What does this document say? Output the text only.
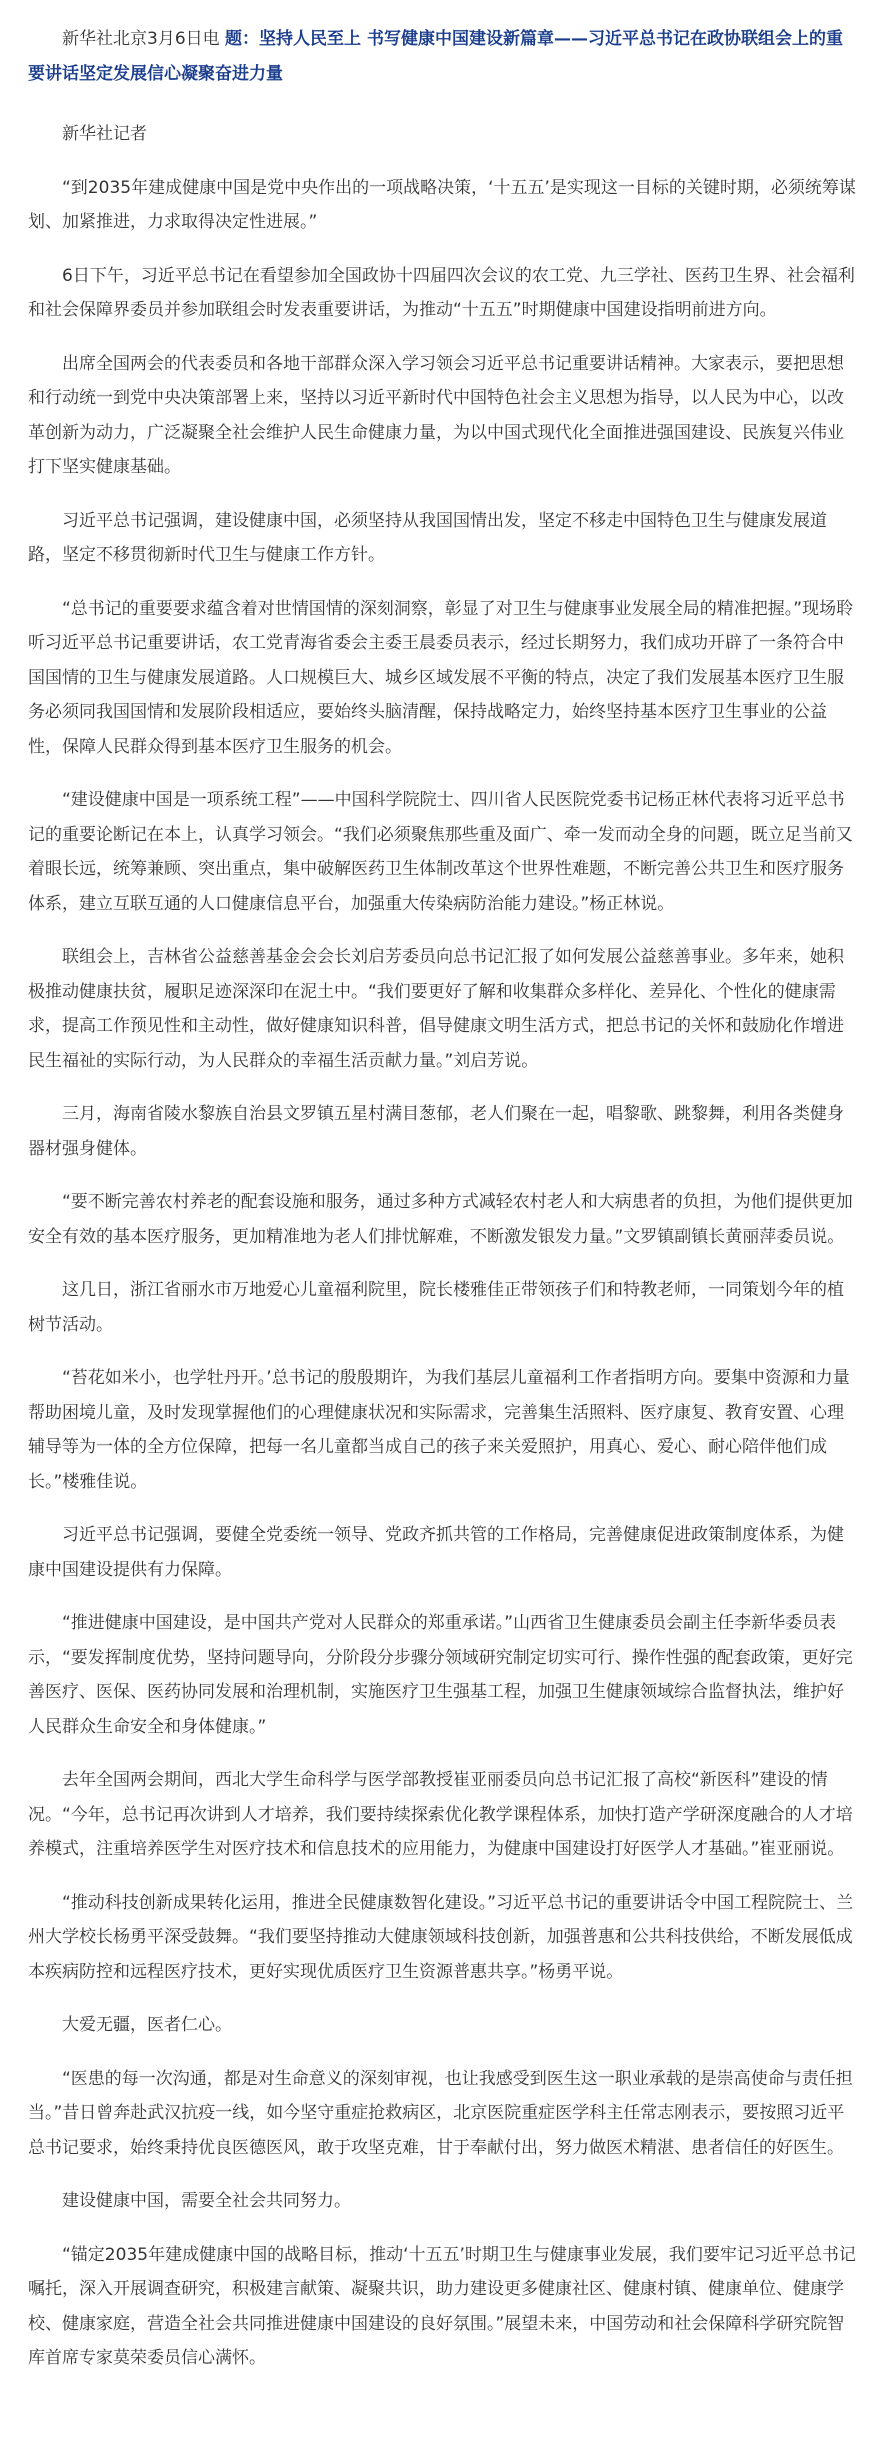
新华社北京3月6日电 题：坚持人民至上 书写健康中国建设新篇章——习近平总书记在政协联组会上的重要讲话坚定发展信心凝聚奋进力量

新华社记者

“到2035年建成健康中国是党中央作出的一项战略决策，‘十五五’是实现这一目标的关键时期，必须统筹谋划、加紧推进，力求取得决定性进展。”

6日下午，习近平总书记在看望参加全国政协十四届四次会议的农工党、九三学社、医药卫生界、社会福利和社会保障界委员并参加联组会时发表重要讲话，为推动“十五五”时期健康中国建设指明前进方向。

出席全国两会的代表委员和各地干部群众深入学习领会习近平总书记重要讲话精神。大家表示，要把思想和行动统一到党中央决策部署上来，坚持以习近平新时代中国特色社会主义思想为指导，以人民为中心，以改革创新为动力，广泛凝聚全社会维护人民生命健康力量，为以中国式现代化全面推进强国建设、民族复兴伟业打下坚实健康基础。

习近平总书记强调，建设健康中国，必须坚持从我国国情出发，坚定不移走中国特色卫生与健康发展道路，坚定不移贯彻新时代卫生与健康工作方针。

“总书记的重要要求蕴含着对世情国情的深刻洞察，彰显了对卫生与健康事业发展全局的精准把握。”现场聆听习近平总书记重要讲话，农工党青海省委会主委王晨委员表示，经过长期努力，我们成功开辟了一条符合中国国情的卫生与健康发展道路。人口规模巨大、城乡区域发展不平衡的特点，决定了我们发展基本医疗卫生服务必须同我国国情和发展阶段相适应，要始终头脑清醒，保持战略定力，始终坚持基本医疗卫生事业的公益性，保障人民群众得到基本医疗卫生服务的机会。

“建设健康中国是一项系统工程”——中国科学院院士、四川省人民医院党委书记杨正林代表将习近平总书记的重要论断记在本上，认真学习领会。“我们必须聚焦那些重及面广、牵一发而动全身的问题，既立足当前又着眼长远，统筹兼顾、突出重点，集中破解医药卫生体制改革这个世界性难题，不断完善公共卫生和医疗服务体系，建立互联互通的人口健康信息平台，加强重大传染病防治能力建设。”杨正林说。

联组会上，吉林省公益慈善基金会会长刘启芳委员向总书记汇报了如何发展公益慈善事业。多年来，她积极推动健康扶贫，履职足迹深深印在泥土中。“我们要更好了解和收集群众多样化、差异化、个性化的健康需求，提高工作预见性和主动性，做好健康知识科普，倡导健康文明生活方式，把总书记的关怀和鼓励化作增进民生福祉的实际行动，为人民群众的幸福生活贡献力量。”刘启芳说。

三月，海南省陵水黎族自治县文罗镇五星村满目葱郁，老人们聚在一起，唱黎歌、跳黎舞，利用各类健身器材强身健体。

“要不断完善农村养老的配套设施和服务，通过多种方式减轻农村老人和大病患者的负担，为他们提供更加安全有效的基本医疗服务，更加精准地为老人们排忧解难，不断激发银发力量。”文罗镇副镇长黄丽萍委员说。

这几日，浙江省丽水市万地爱心儿童福利院里，院长楼雅佳正带领孩子们和特教老师，一同策划今年的植树节活动。

“苔花如米小，也学牡丹开。’总书记的殷殷期许，为我们基层儿童福利工作者指明方向。要集中资源和力量帮助困境儿童，及时发现掌握他们的心理健康状况和实际需求，完善集生活照料、医疗康复、教育安置、心理辅导等为一体的全方位保障，把每一名儿童都当成自己的孩子来关爱照护，用真心、爱心、耐心陪伴他们成长。”楼雅佳说。

习近平总书记强调，要健全党委统一领导、党政齐抓共管的工作格局，完善健康促进政策制度体系，为健康中国建设提供有力保障。

“推进健康中国建设，是中国共产党对人民群众的郑重承诺。”山西省卫生健康委员会副主任李新华委员表示，“要发挥制度优势，坚持问题导向，分阶段分步骤分领域研究制定切实可行、操作性强的配套政策，更好完善医疗、医保、医药协同发展和治理机制，实施医疗卫生强基工程，加强卫生健康领域综合监督执法，维护好人民群众生命安全和身体健康。”

去年全国两会期间，西北大学生命科学与医学部教授崔亚丽委员向总书记汇报了高校“新医科”建设的情况。“今年，总书记再次讲到人才培养，我们要持续探索优化教学课程体系，加快打造产学研深度融合的人才培养模式，注重培养医学生对医疗技术和信息技术的应用能力，为健康中国建设打好医学人才基础。”崔亚丽说。

“推动科技创新成果转化运用，推进全民健康数智化建设。”习近平总书记的重要讲话令中国工程院院士、兰州大学校长杨勇平深受鼓舞。“我们要坚持推动大健康领域科技创新，加强普惠和公共科技供给，不断发展低成本疾病防控和远程医疗技术，更好实现优质医疗卫生资源普惠共享。”杨勇平说。

大爱无疆，医者仁心。

“医患的每一次沟通，都是对生命意义的深刻审视，也让我感受到医生这一职业承载的是崇高使命与责任担当。”昔日曾奔赴武汉抗疫一线，如今坚守重症抢救病区，北京医院重症医学科主任常志刚表示，要按照习近平总书记要求，始终秉持优良医德医风，敢于攻坚克难，甘于奉献付出，努力做医术精湛、患者信任的好医生。

建设健康中国，需要全社会共同努力。

“锚定2035年建成健康中国的战略目标，推动‘十五五’时期卫生与健康事业发展，我们要牢记习近平总书记嘱托，深入开展调查研究，积极建言献策、凝聚共识，助力建设更多健康社区、健康村镇、健康单位、健康学校、健康家庭，营造全社会共同推进健康中国建设的良好氛围。”展望未来，中国劳动和社会保障科学研究院智库首席专家莫荣委员信心满怀。
